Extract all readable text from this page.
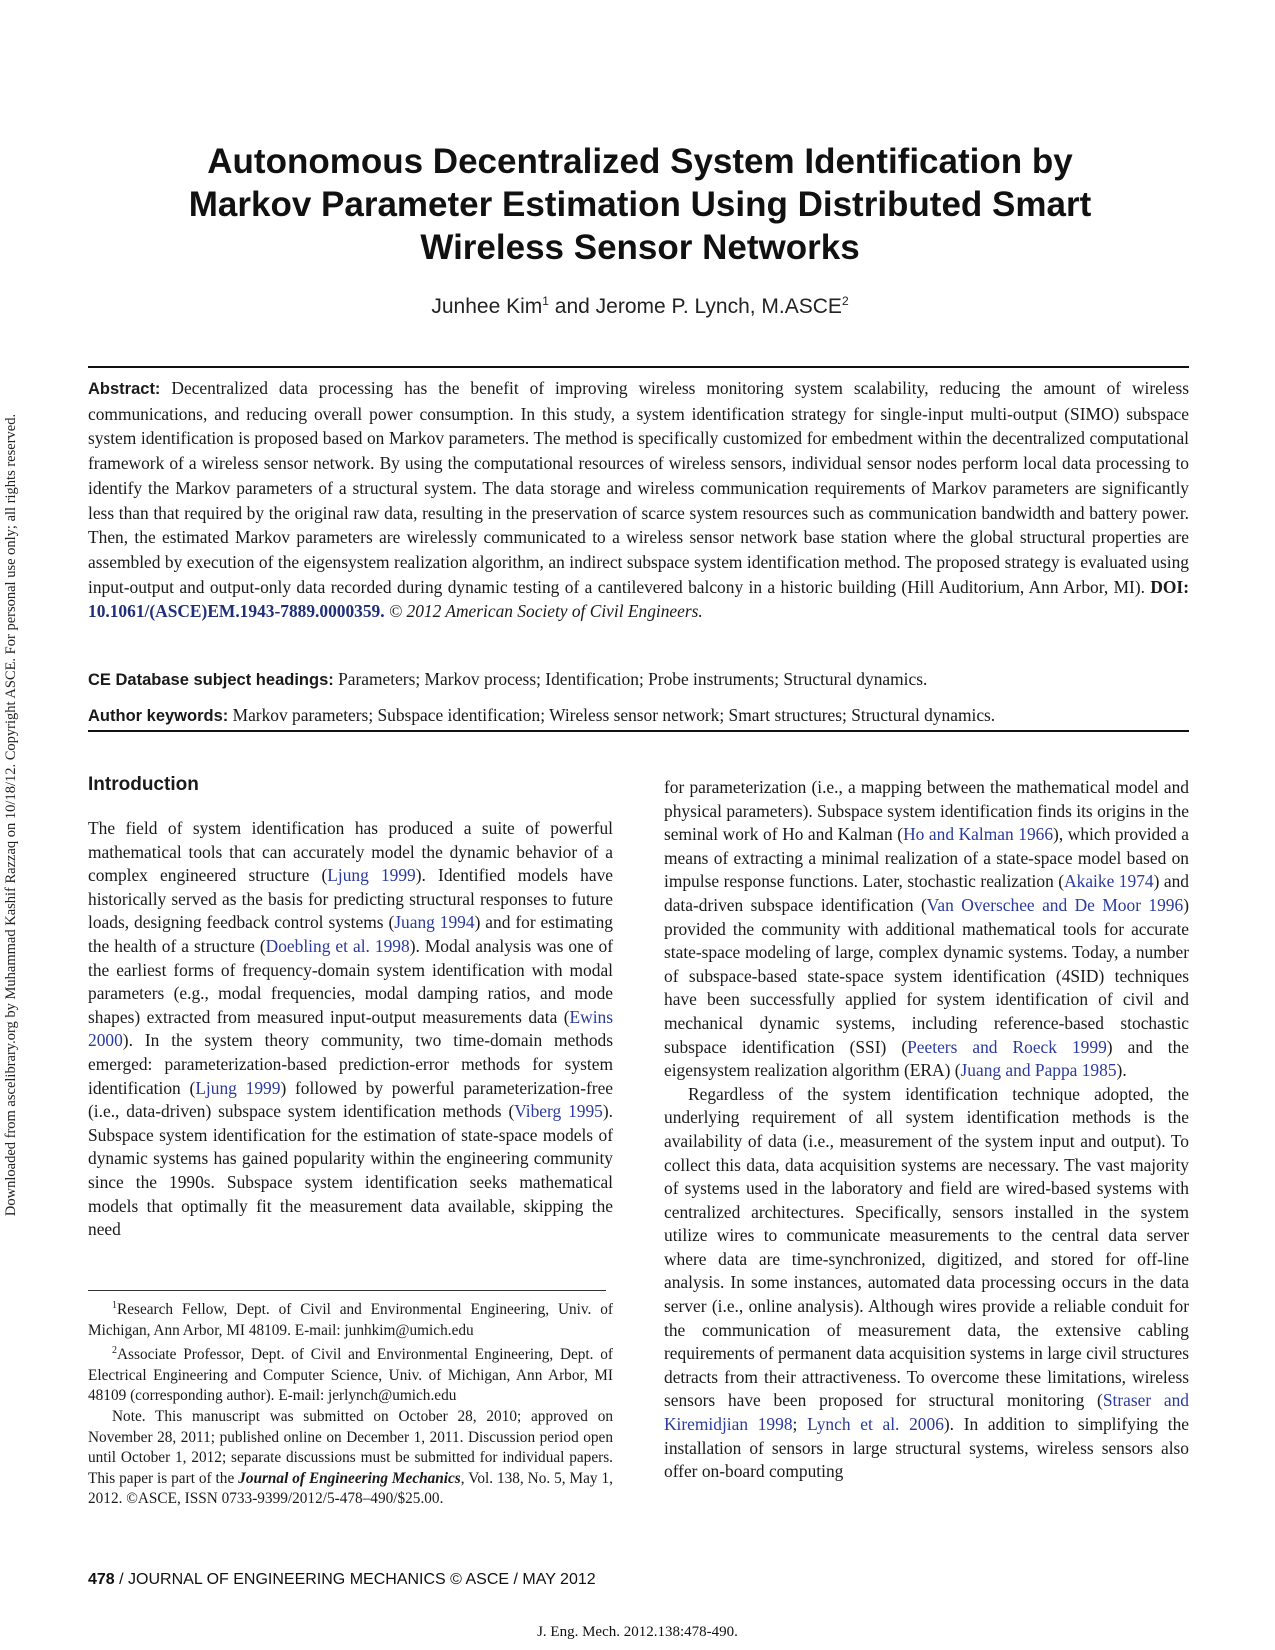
Downloaded from ascelibrary.org by Muhammad Kashif Razzaq on 10/18/12. Copyright ASCE. For personal use only; all rights reserved.
Autonomous Decentralized System Identification by
Markov Parameter Estimation Using Distributed Smart
Wireless Sensor Networks
Junhee Kim$^1$ and Jerome P. Lynch, M.ASCE$^2$
Abstract: Decentralized data processing has the benefit of improving wireless monitoring system scalability, reducing the amount of wireless communications, and reducing overall power consumption. In this study, a system identification strategy for single-input multi-output (SIMO) subspace system identification is proposed based on Markov parameters. The method is specifically customized for embedment within the decentralized computational framework of a wireless sensor network. By using the computational resources of wireless sensors, individual sensor nodes perform local data processing to identify the Markov parameters of a structural system. The data storage and wireless communication requirements of Markov parameters are significantly less than that required by the original raw data, resulting in the preservation of scarce system resources such as communication bandwidth and battery power. Then, the estimated Markov parameters are wirelessly communicated to a wireless sensor network base station where the global structural properties are assembled by execution of the eigensystem realization algorithm, an indirect subspace system identification method. The proposed strategy is evaluated using input-output and output-only data recorded during dynamic testing of a cantilevered balcony in a historic building (Hill Auditorium, Ann Arbor, MI). DOI: 10.1061/(ASCE)EM.1943-7889.0000359. © 2012 American Society of Civil Engineers.
CE Database subject headings: Parameters; Markov process; Identification; Probe instruments; Structural dynamics.
Author keywords: Markov parameters; Subspace identification; Wireless sensor network; Smart structures; Structural dynamics.
Introduction

The field of system identification has produced a suite of powerful mathematical tools that can accurately model the dynamic behavior of a complex engineered structure (Ljung 1999). Identified models have historically served as the basis for predicting structural responses to future loads, designing feedback control systems (Juang 1994) and for estimating the health of a structure (Doebling et al. 1998). Modal analysis was one of the earliest forms of frequency-domain system identification with modal parameters (e.g., modal frequencies, modal damping ratios, and mode shapes) extracted from measured input-output measurements data (Ewins 2000). In the system theory community, two time-domain methods emerged: parameterization-based prediction-error methods for system identification (Ljung 1999) followed by powerful parameterization-free (i.e., data-driven) subspace system identification methods (Viberg 1995). Subspace system identification for the estimation of state-space models of dynamic systems has gained popularity within the engineering community since the 1990s. Subspace system identification seeks mathematical models that optimally fit the measurement data available, skipping the need

$^1$Research Fellow, Dept. of Civil and Environmental Engineering, Univ. of Michigan, Ann Arbor, MI 48109. E-mail: junhkim@umich.edu

$^2$Associate Professor, Dept. of Civil and Environmental Engineering, Dept. of Electrical Engineering and Computer Science, Univ. of Michigan, Ann Arbor, MI 48109 (corresponding author). E-mail: jerlynch@umich.edu

Note. This manuscript was submitted on October 28, 2010; approved on November 28, 2011; published online on December 1, 2011. Discussion period open until October 1, 2012; separate discussions must be submitted for individual papers. This paper is part of the Journal of Engineering Mechanics, Vol. 138, No. 5, May 1, 2012. ©ASCE, ISSN 0733-9399/2012/5-478–490/$25.00.

for parameterization (i.e., a mapping between the mathematical model and physical parameters). Subspace system identification finds its origins in the seminal work of Ho and Kalman (Ho and Kalman 1966), which provided a means of extracting a minimal realization of a state-space model based on impulse response functions. Later, stochastic realization (Akaike 1974) and data-driven subspace identification (Van Overschee and De Moor 1996) provided the community with additional mathematical tools for accurate state-space modeling of large, complex dynamic systems. Today, a number of subspace-based state-space system identification (4SID) techniques have been successfully applied for system identification of civil and mechanical dynamic systems, including reference-based stochastic subspace identification (SSI) (Peeters and Roeck 1999) and the eigensystem realization algorithm (ERA) (Juang and Pappa 1985).

Regardless of the system identification technique adopted, the underlying requirement of all system identification methods is the availability of data (i.e., measurement of the system input and output). To collect this data, data acquisition systems are necessary. The vast majority of systems used in the laboratory and field are wired-based systems with centralized architectures. Specifically, sensors installed in the system utilize wires to communicate measurements to the central data server where data are time-synchronized, digitized, and stored for off-line analysis. In some instances, automated data processing occurs in the data server (i.e., online analysis). Although wires provide a reliable conduit for the communication of measurement data, the extensive cabling requirements of permanent data acquisition systems in large civil structures detracts from their attractiveness. To overcome these limitations, wireless sensors have been proposed for structural monitoring (Straser and Kiremidjian 1998; Lynch et al. 2006). In addition to simplifying the installation of sensors in large structural systems, wireless sensors also offer on-board computing

478 / JOURNAL OF ENGINEERING MECHANICS © ASCE / MAY 2012
J. Eng. Mech. 2012.138:478-490.
